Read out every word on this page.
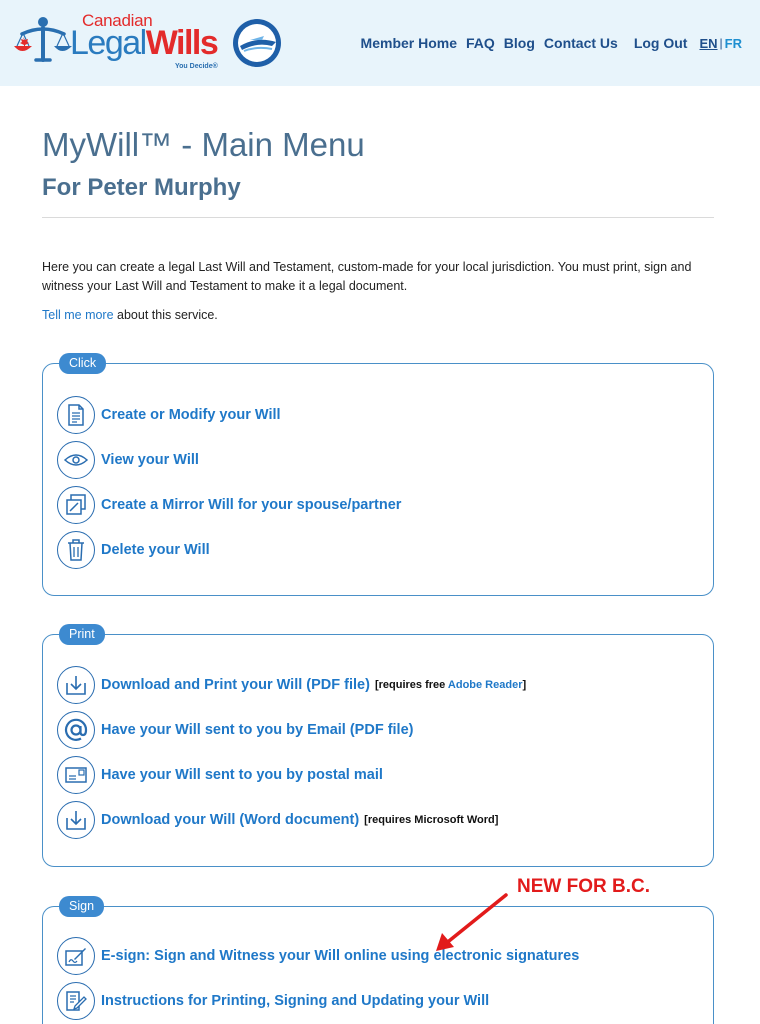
Canadian
LegalWills
You Decide®
Member Home FAQ Blog Contact Us Log Out EN | FR
MyWill™ - Main Menu
For Peter Murphy

Here you can create a legal Last Will and Testament, custom-made for your local jurisdiction. You must print, sign and witness your Last Will and Testament to make it a legal document.

Tell me more about this service.

Click
Create or Modify your Will
View your Will
Create a Mirror Will for your spouse/partner
Delete your Will
Print
Download and Print your Will (PDF file) [requires free Adobe Reader]
Have your Will sent to you by Email (PDF file)
Have your Will sent to you by postal mail
Download your Will (Word document) [requires Microsoft Word]
Sign
E-sign: Sign and Witness your Will online using electronic signatures
Instructions for Printing, Signing and Updating your Will
NEW FOR B.C.
